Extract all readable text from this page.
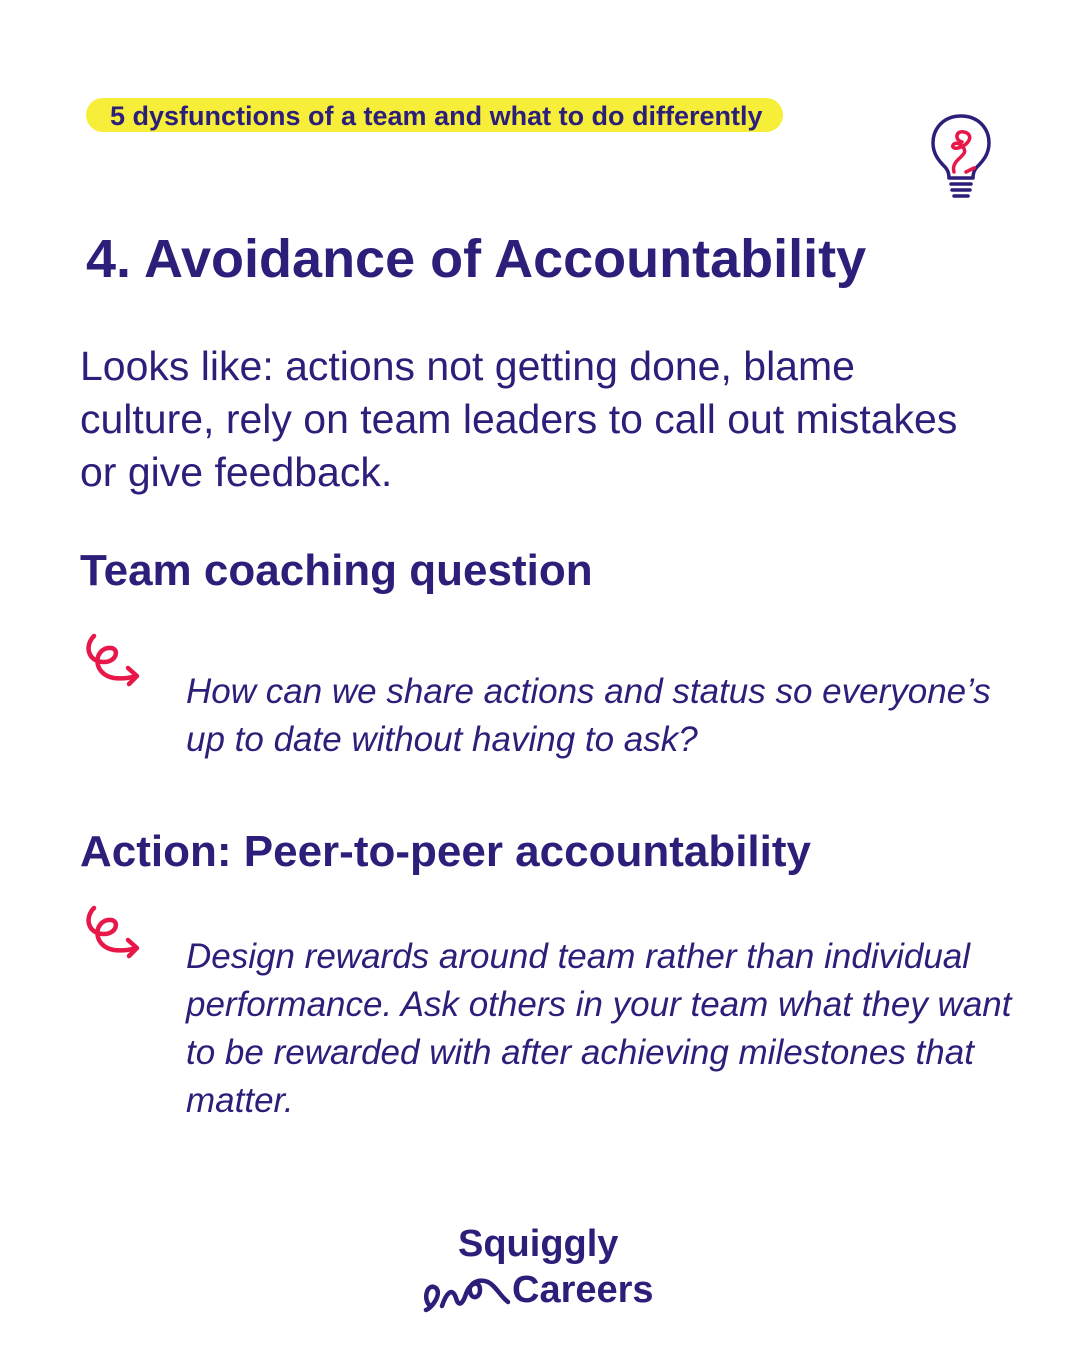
5 dysfunctions of a team and what to do differently
4. Avoidance of Accountability

Looks like: actions not getting done, blame culture, rely on team leaders to call out mistakes or give feedback.

Team coaching question

How can we share actions and status so everyone’s up to date without having to ask?

Action: Peer-to-peer accountability

Design rewards around team rather than individual performance. Ask others in your team what they want to be rewarded with after achieving milestones that matter.

Squiggly
Careers
